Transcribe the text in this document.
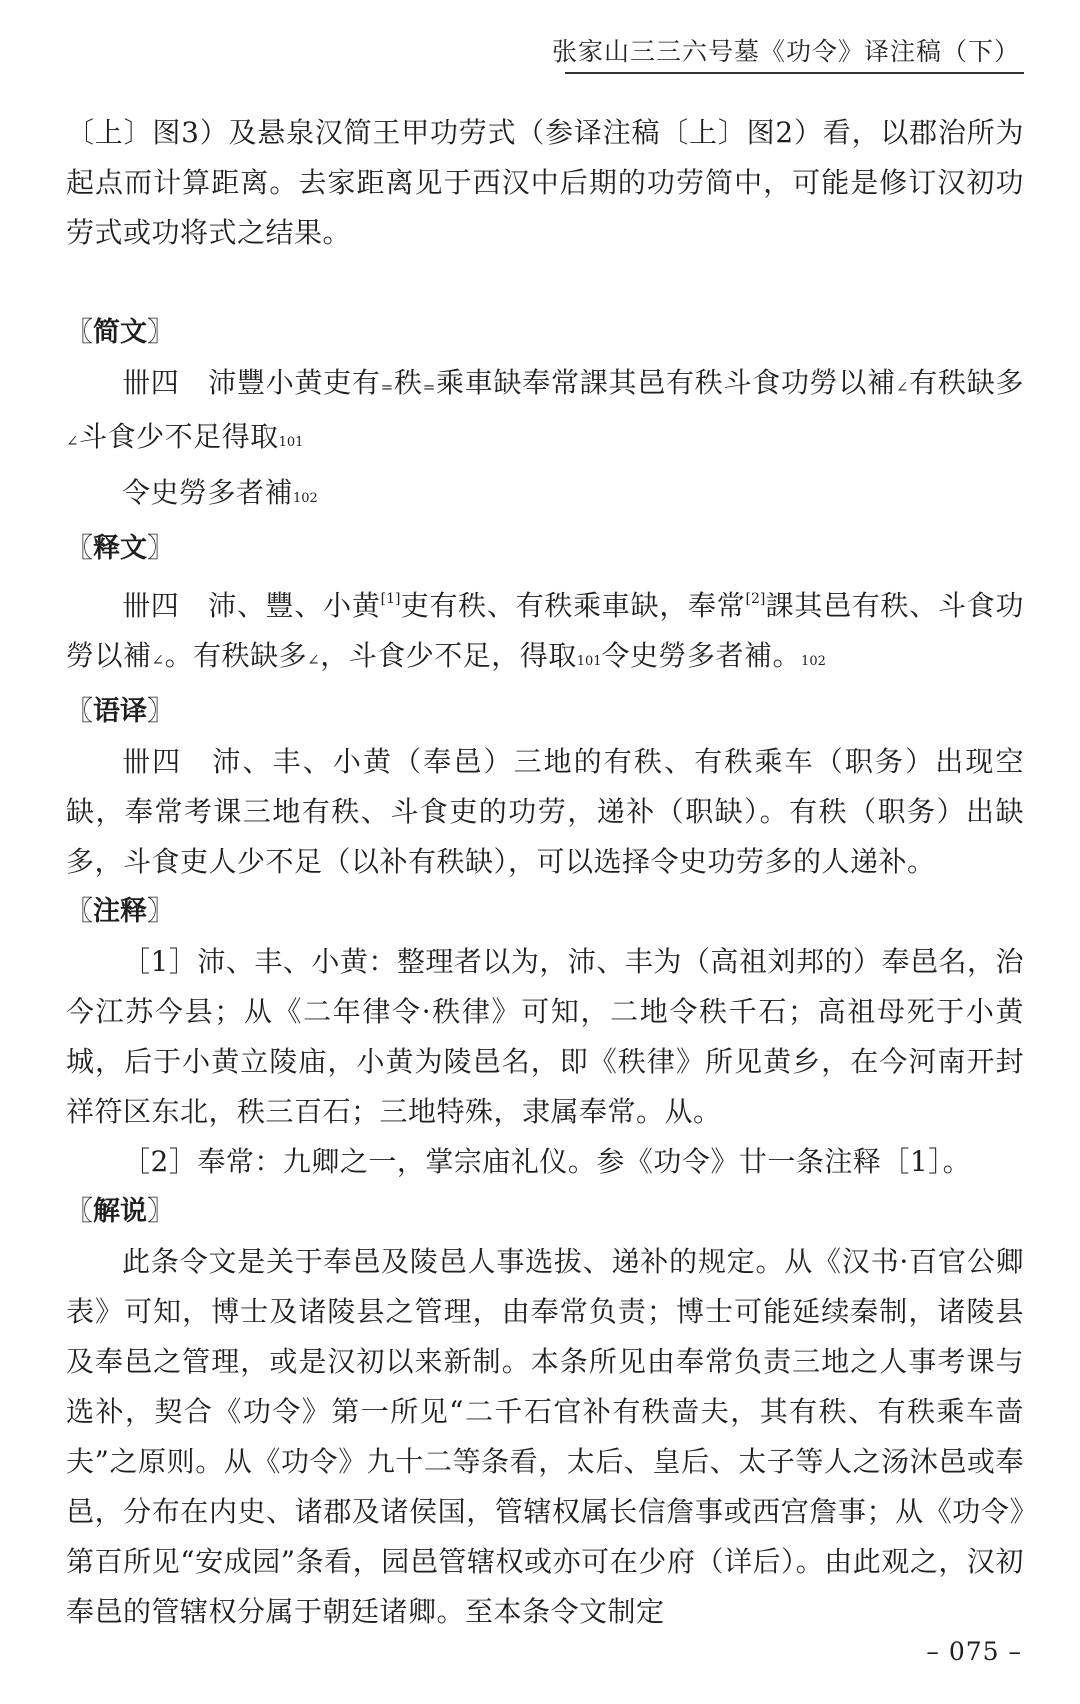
张家山三三六号墓《功令》译注稿（下）

〔上〕图3）及悬泉汉简王甲功劳式（参译注稿〔上〕图2）看，以郡治所为起点而计算距离。去家距离见于西汉中后期的功劳简中，可能是修订汉初功劳式或功将式之结果。

〖简文〗

卌四　沛豐小黄吏有=秩=乘車缺奉常課其邑有秩斗食功勞以補∠有秩缺多∠斗食少不足得取101

令史勞多者補102

〖释文〗

卌四　沛、豐、小黄[1]吏有秩、有秩乘車缺，奉常[2]課其邑有秩、斗食功勞以補∠。有秩缺多∠，斗食少不足，得取101令史勞多者補。102

〖语译〗

卌四　沛、丰、小黄（奉邑）三地的有秩、有秩乘车（职务）出现空缺，奉常考课三地有秩、斗食吏的功劳，递补（职缺）。有秩（职务）出缺多，斗食吏人少不足（以补有秩缺），可以选择令史功劳多的人递补。

〖注释〗

［1］沛、丰、小黄：整理者以为，沛、丰为（高祖刘邦的）奉邑名，治今江苏今县；从《二年律令·秩律》可知，二地令秩千石；高祖母死于小黄城，后于小黄立陵庙，小黄为陵邑名，即《秩律》所见黄乡，在今河南开封祥符区东北，秩三百石；三地特殊，隶属奉常。从。

［2］奉常：九卿之一，掌宗庙礼仪。参《功令》廿一条注释［1］。

〖解说〗

此条令文是关于奉邑及陵邑人事选拔、递补的规定。从《汉书·百官公卿表》可知，博士及诸陵县之管理，由奉常负责；博士可能延续秦制，诸陵县及奉邑之管理，或是汉初以来新制。本条所见由奉常负责三地之人事考课与选补，契合《功令》第一所见“二千石官补有秩啬夫，其有秩、有秩乘车啬夫”之原则。从《功令》九十二等条看，太后、皇后、太子等人之汤沐邑或奉邑，分布在内史、诸郡及诸侯国，管辖权属长信詹事或西宫詹事；从《功令》第百所见“安成园”条看，园邑管辖权或亦可在少府（详后）。由此观之，汉初奉邑的管辖权分属于朝廷诸卿。至本条令文制定

– 075 –
